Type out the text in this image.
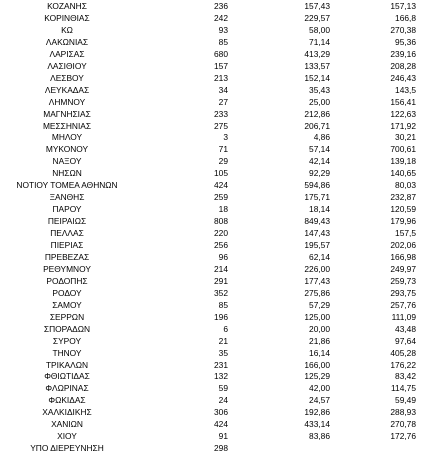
ΚΟΖΑΝΗΣ	236	157,43	157,13
ΚΟΡΙΝΘΙΑΣ	242	229,57	166,8
ΚΩ	93	58,00	270,38
ΛΑΚΩΝΙΑΣ	85	71,14	95,36
ΛΑΡΙΣΑΣ	680	413,29	239,16
ΛΑΣΙΘΙΟΥ	157	133,57	208,28
ΛΕΣΒΟΥ	213	152,14	246,43
ΛΕΥΚΑΔΑΣ	34	35,43	143,5
ΛΗΜΝΟΥ	27	25,00	156,41
ΜΑΓΝΗΣΙΑΣ	233	212,86	122,63
ΜΕΣΣΗΝΙΑΣ	275	206,71	171,92
ΜΗΛΟΥ	3	4,86	30,21
ΜΥΚΟΝΟΥ	71	57,14	700,61
ΝΑΞΟΥ	29	42,14	139,18
ΝΗΣΩΝ	105	92,29	140,65
ΝΟΤΙΟΥ ΤΟΜΕΑ ΑΘΗΝΩΝ	424	594,86	80,03
ΞΑΝΘΗΣ	259	175,71	232,87
ΠΑΡΟΥ	18	18,14	120,59
ΠΕΙΡΑΙΩΣ	808	849,43	179,96
ΠΕΛΛΑΣ	220	147,43	157,5
ΠΙΕΡΙΑΣ	256	195,57	202,06
ΠΡΕΒΕΖΑΣ	96	62,14	166,98
ΡΕΘΥΜΝΟΥ	214	226,00	249,97
ΡΟΔΟΠΗΣ	291	177,43	259,73
ΡΟΔΟΥ	352	275,86	293,75
ΣΑΜΟΥ	85	57,29	257,76
ΣΕΡΡΩΝ	196	125,00	111,09
ΣΠΟΡΑΔΩΝ	6	20,00	43,48
ΣΥΡΟΥ	21	21,86	97,64
ΤΗΝΟΥ	35	16,14	405,28
ΤΡΙΚΑΛΩΝ	231	166,00	176,22
ΦΘΙΩΤΙΔΑΣ	132	125,29	83,42
ΦΛΩΡΙΝΑΣ	59	42,00	114,75
ΦΩΚΙΔΑΣ	24	24,57	59,49
ΧΑΛΚΙΔΙΚΗΣ	306	192,86	288,93
ΧΑΝΙΩΝ	424	433,14	270,78
ΧΙΟΥ	91	83,86	172,76
ΥΠΟ ΔΙΕΡΕΥΝΗΣΗ	298
